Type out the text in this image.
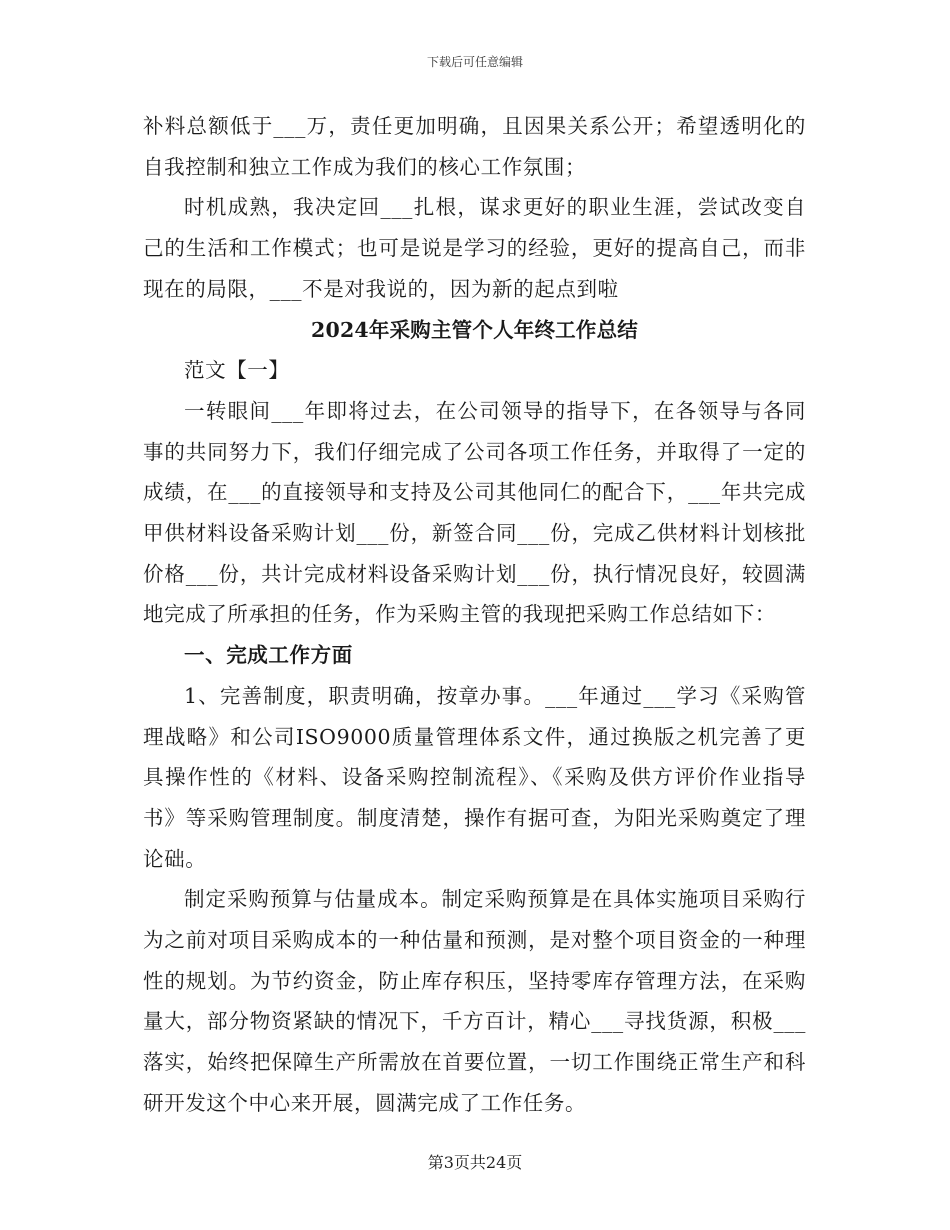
下载后可任意编辑

补料总额低于___万，责任更加明确，且因果关系公开；希望透明化的自我控制和独立工作成为我们的核心工作氛围；

时机成熟，我决定回___扎根，谋求更好的职业生涯，尝试改变自己的生活和工作模式；也可是说是学习的经验，更好的提高自己，而非现在的局限，___不是对我说的，因为新的起点到啦

2024年采购主管个人年终工作总结

范文【一】

一转眼间___年即将过去，在公司领导的指导下，在各领导与各同事的共同努力下，我们仔细完成了公司各项工作任务，并取得了一定的成绩，在___的直接领导和支持及公司其他同仁的配合下，___年共完成甲供材料设备采购计划___份，新签合同___份，完成乙供材料计划核批价格___份，共计完成材料设备采购计划___份，执行情况良好，较圆满地完成了所承担的任务，作为采购主管的我现把采购工作总结如下：

一、完成工作方面

1、完善制度，职责明确，按章办事。___年通过___学习《采购管理战略》和公司ISO9000质量管理体系文件，通过换版之机完善了更具操作性的《材料、设备采购控制流程》、《采购及供方评价作业指导书》等采购管理制度。制度清楚，操作有据可查，为阳光采购奠定了理论础。

制定采购预算与估量成本。制定采购预算是在具体实施项目采购行为之前对项目采购成本的一种估量和预测，是对整个项目资金的一种理性的规划。为节约资金，防止库存积压，坚持零库存管理方法，在采购量大，部分物资紧缺的情况下，千方百计，精心___寻找货源，积极___落实，始终把保障生产所需放在首要位置，一切工作围绕正常生产和科研开发这个中心来开展，圆满完成了工作任务。

第3页共24页
